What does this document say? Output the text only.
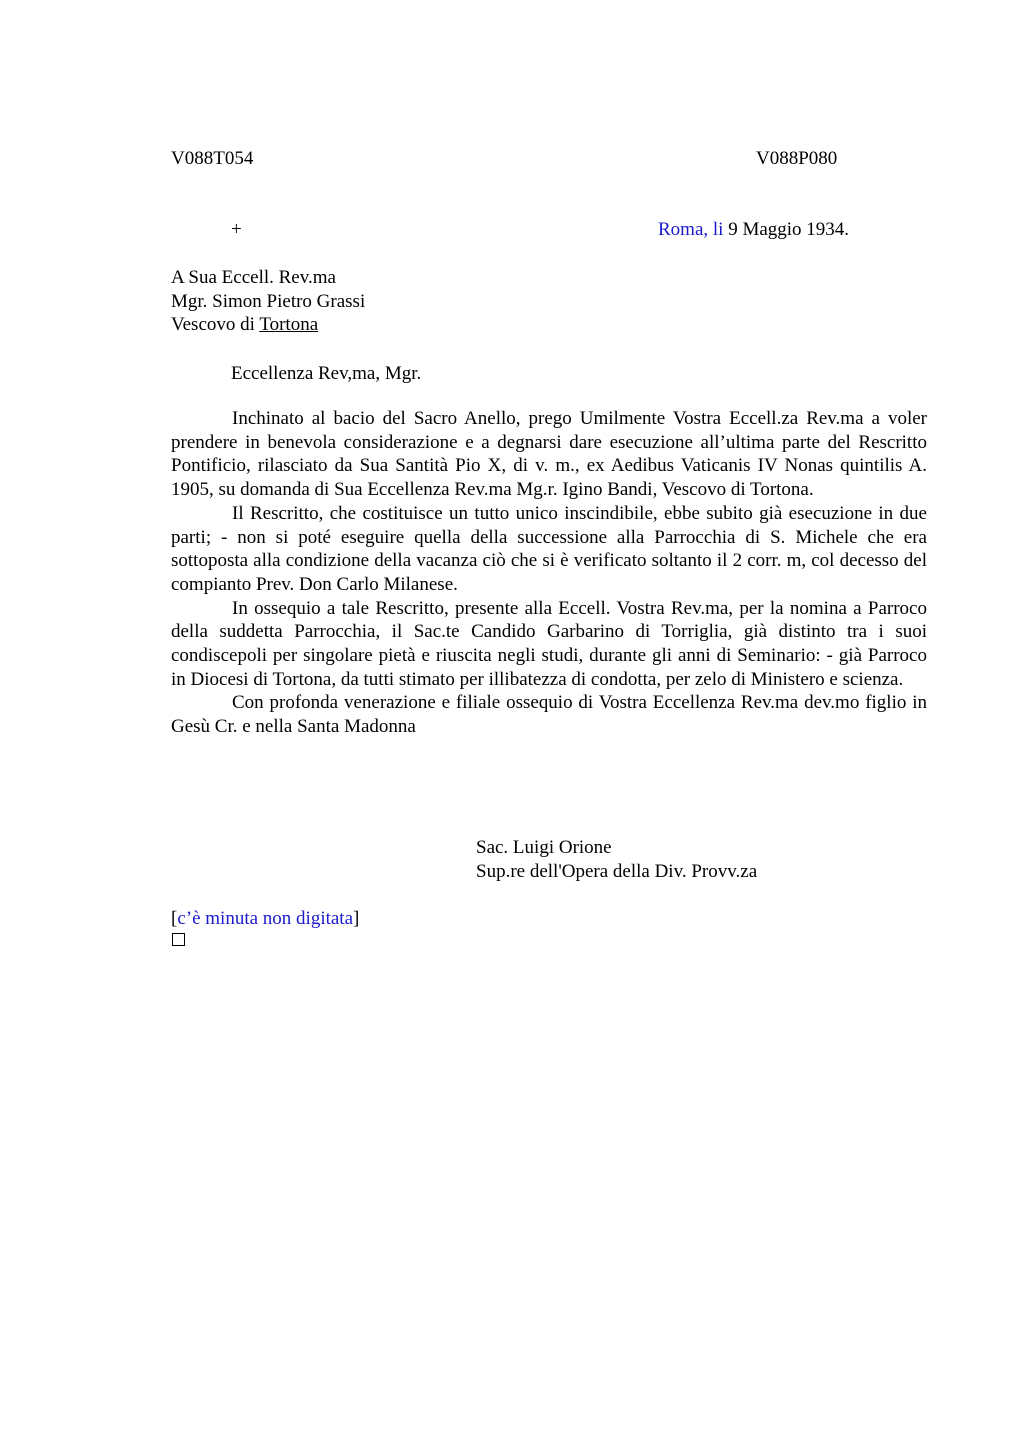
V088T054	V088P080
+	Roma, li 9 Maggio 1934.
A Sua Eccell. Rev.ma
Mgr. Simon Pietro Grassi
Vescovo di Tortona
Eccellenza Rev,ma, Mgr.

Inchinato al bacio del Sacro Anello, prego Umilmente Vostra Eccell.za Rev.ma a voler prendere in benevola considerazione e a degnarsi dare esecuzione all’ultima parte del Rescritto Pontificio, rilasciato da Sua Santità Pio X, di v. m., ex Aedibus Vaticanis IV Nonas quintilis A. 1905, su domanda di Sua Eccellenza Rev.ma Mg.r. Igino Bandi, Vescovo di Tortona.

Il Rescritto, che costituisce un tutto unico inscindibile, ebbe subito già esecuzione in due parti; - non si poté eseguire quella della successione alla Parrocchia di S. Michele che era sottoposta alla condizione della vacanza ciò che si è verificato soltanto il 2 corr. m, col decesso del compianto Prev. Don Carlo Milanese.

In ossequio a tale Rescritto, presente alla Eccell. Vostra Rev.ma, per la nomina a Parroco della suddetta Parrocchia, il Sac.te Candido Garbarino di Torriglia, già distinto tra i suoi condiscepoli per singolare pietà e riuscita negli studi, durante gli anni di Seminario: - già Parroco in Diocesi di Tortona, da tutti stimato per illibatezza di condotta, per zelo di Ministero e scienza.

Con profonda venerazione e filiale ossequio di Vostra Eccellenza Rev.ma dev.mo figlio in Gesù Cr. e nella Santa Madonna

Sac. Luigi Orione
Sup.re dell'Opera della Div. Provv.za
[c’è minuta non digitata]
